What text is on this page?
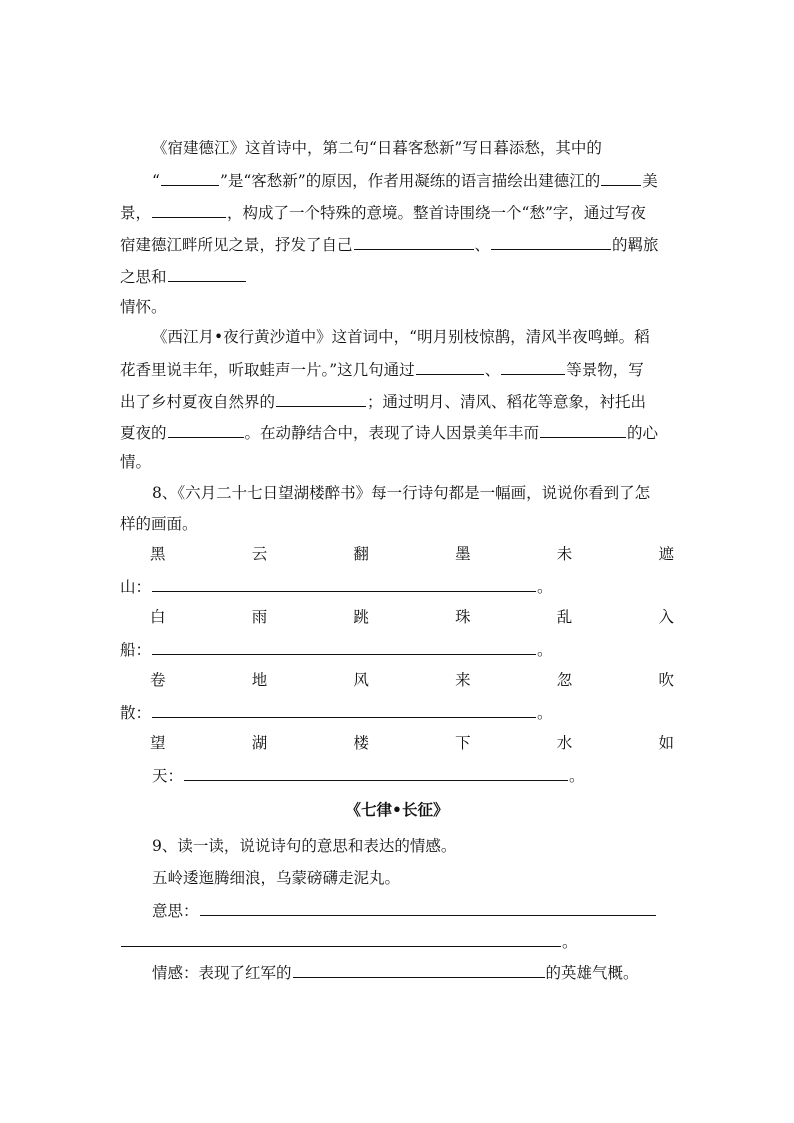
《宿建德江》这首诗中，第二句“日暮客愁新”写日暮添愁，其中的
“	”是“客愁新”的原因，作者用凝练的语言描绘出建德江的	美
景，	，构成了一个特殊的意境。整首诗围绕一个“愁”字，通过写夜
宿建德江畔所见之景，抒发了自己	、	的羁旅
之思和
情怀。
《西江月•夜行黄沙道中》这首词中，“明月别枝惊鹊，清风半夜鸣蝉。稻
花香里说丰年，听取蛙声一片。”这几句通过	、	等景物，写
出了乡村夏夜自然界的	；通过明月、清风、稻花等意象，衬托出
夏夜的	。在动静结合中，表现了诗人因景美年丰而	的心
情。
8、《六月二十七日望湖楼醉书》每一行诗句都是一幅画，说说你看到了怎
样的画面。
黑	云	翻	墨	未	遮
山：	。
白	雨	跳	珠	乱	入
船：	。
卷	地	风	来	忽	吹
散：	。
望	湖	楼	下	水	如
天：	。
《七律•长征》
9、读一读，说说诗句的意思和表达的情感。
五岭逶迤腾细浪，乌蒙磅礴走泥丸。
意思：
。
情感：表现了红军的	的英雄气概。
